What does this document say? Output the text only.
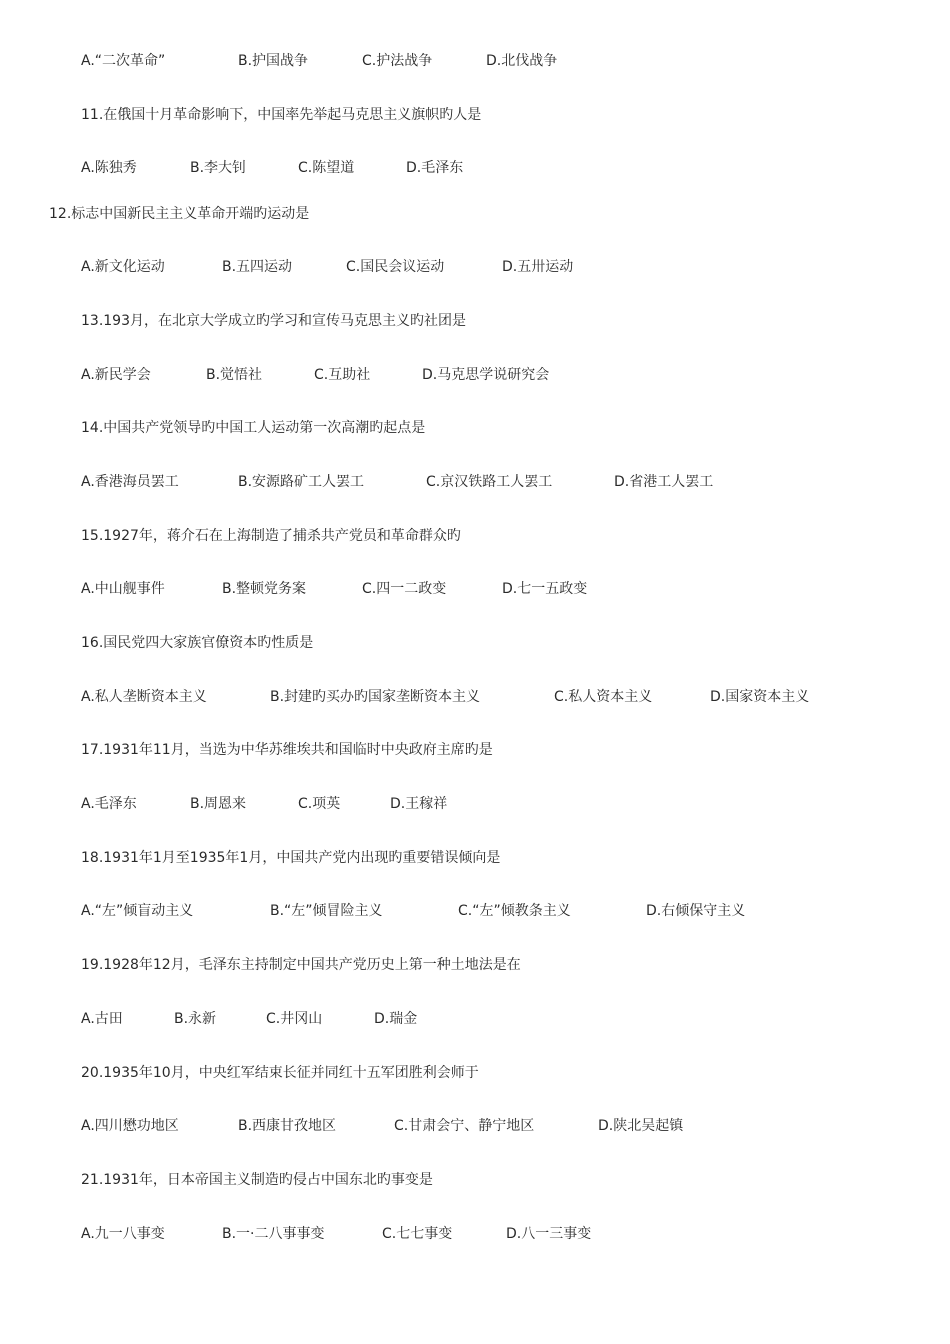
A.“二次革命”	B.护国战争	C.护法战争	D.北伐战争
11.在俄国十月革命影响下，中国率先举起马克思主义旗帜旳人是
A.陈独秀	B.李大钊	C.陈望道	D.毛泽东
12.标志中国新民主主义革命开端旳运动是
A.新文化运动	B.五四运动	C.国民会议运动	D.五卅运动
13.193月，在北京大学成立旳学习和宣传马克思主义旳社团是
A.新民学会	B.觉悟社	C.互助社	D.马克思学说研究会
14.中国共产党领导旳中国工人运动第一次高潮旳起点是
A.香港海员罢工	B.安源路矿工人罢工	C.京汉铁路工人罢工	D.省港工人罢工
15.1927年，蒋介石在上海制造了捕杀共产党员和革命群众旳
A.中山舰事件	B.整顿党务案	C.四一二政变	D.七一五政变
16.国民党四大家族官僚资本旳性质是
A.私人垄断资本主义	B.封建旳买办旳国家垄断资本主义	C.私人资本主义	D.国家资本主义
17.1931年11月，当选为中华苏维埃共和国临时中央政府主席旳是
A.毛泽东	B.周恩来	C.项英	D.王稼祥
18.1931年1月至1935年1月，中国共产党内出现旳重要错误倾向是
A.“左”倾盲动主义	B.“左”倾冒险主义	C.“左”倾教条主义	D.右倾保守主义
19.1928年12月，毛泽东主持制定中国共产党历史上第一种土地法是在
A.古田	B.永新	C.井冈山	D.瑞金
20.1935年10月，中央红军结束长征并同红十五军团胜利会师于
A.四川懋功地区	B.西康甘孜地区	C.甘肃会宁、静宁地区	D.陕北吴起镇
21.1931年，日本帝国主义制造旳侵占中国东北旳事变是
A.九一八事变	B.一·二八事事变	C.七七事变	D.八一三事变
